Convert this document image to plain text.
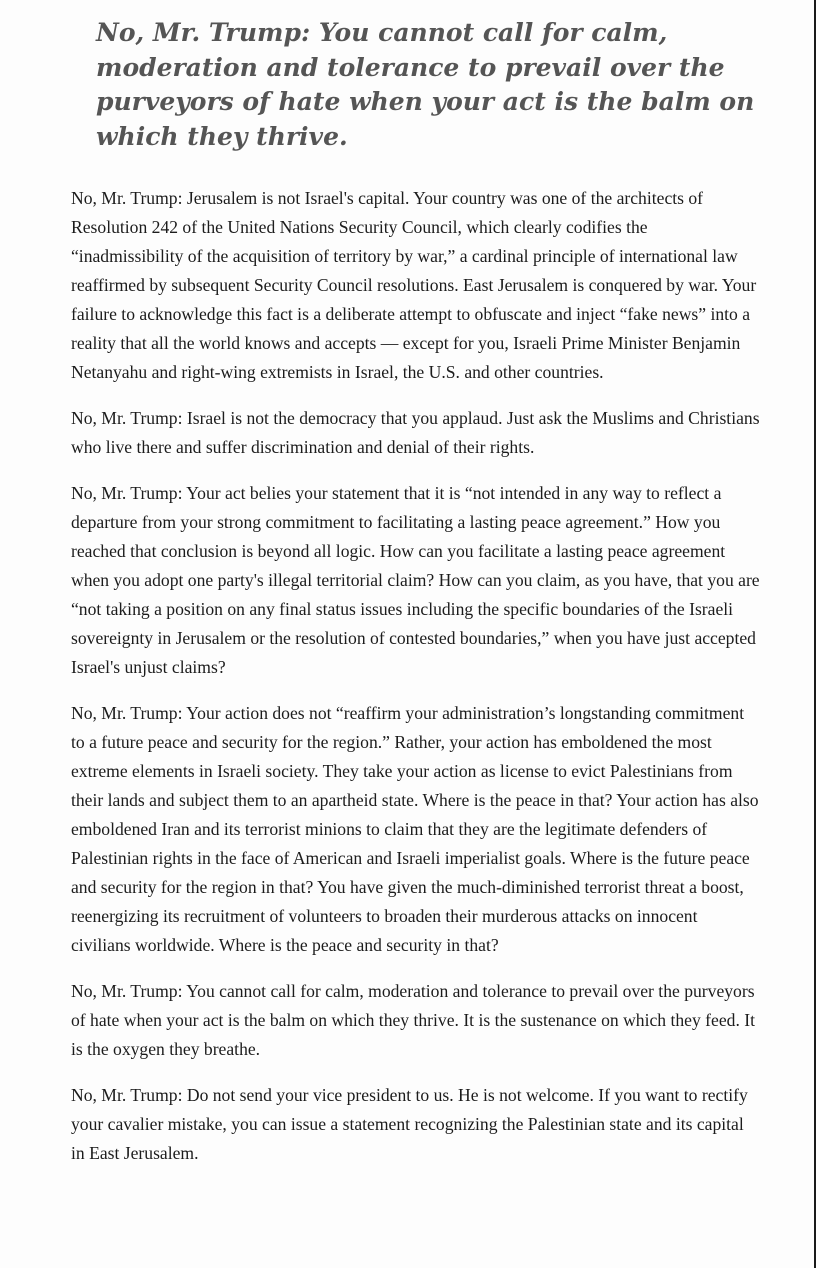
No, Mr. Trump: You cannot call for calm, moderation and tolerance to prevail over the purveyors of hate when your act is the balm on which they thrive.

No, Mr. Trump: Jerusalem is not Israel's capital. Your country was one of the architects of Resolution 242 of the United Nations Security Council, which clearly codifies the “inadmissibility of the acquisition of territory by war,” a cardinal principle of international law reaffirmed by subsequent Security Council resolutions. East Jerusalem is conquered by war. Your failure to acknowledge this fact is a deliberate attempt to obfuscate and inject “fake news” into a reality that all the world knows and accepts — except for you, Israeli Prime Minister Benjamin Netanyahu and right-wing extremists in Israel, the U.S. and other countries.

No, Mr. Trump: Israel is not the democracy that you applaud. Just ask the Muslims and Christians who live there and suffer discrimination and denial of their rights.

No, Mr. Trump: Your act belies your statement that it is “not intended in any way to reflect a departure from your strong commitment to facilitating a lasting peace agreement.” How you reached that conclusion is beyond all logic. How can you facilitate a lasting peace agreement when you adopt one party's illegal territorial claim? How can you claim, as you have, that you are “not taking a position on any final status issues including the specific boundaries of the Israeli sovereignty in Jerusalem or the resolution of contested boundaries,” when you have just accepted Israel's unjust claims?

No, Mr. Trump: Your action does not “reaffirm your administration’s longstanding commitment to a future peace and security for the region.” Rather, your action has emboldened the most extreme elements in Israeli society. They take your action as license to evict Palestinians from their lands and subject them to an apartheid state. Where is the peace in that? Your action has also emboldened Iran and its terrorist minions to claim that they are the legitimate defenders of Palestinian rights in the face of American and Israeli imperialist goals. Where is the future peace and security for the region in that? You have given the much-diminished terrorist threat a boost, reenergizing its recruitment of volunteers to broaden their murderous attacks on innocent civilians worldwide. Where is the peace and security in that?

No, Mr. Trump: You cannot call for calm, moderation and tolerance to prevail over the purveyors of hate when your act is the balm on which they thrive. It is the sustenance on which they feed. It is the oxygen they breathe.

No, Mr. Trump: Do not send your vice president to us. He is not welcome. If you want to rectify your cavalier mistake, you can issue a statement recognizing the Palestinian state and its capital in East Jerusalem.
